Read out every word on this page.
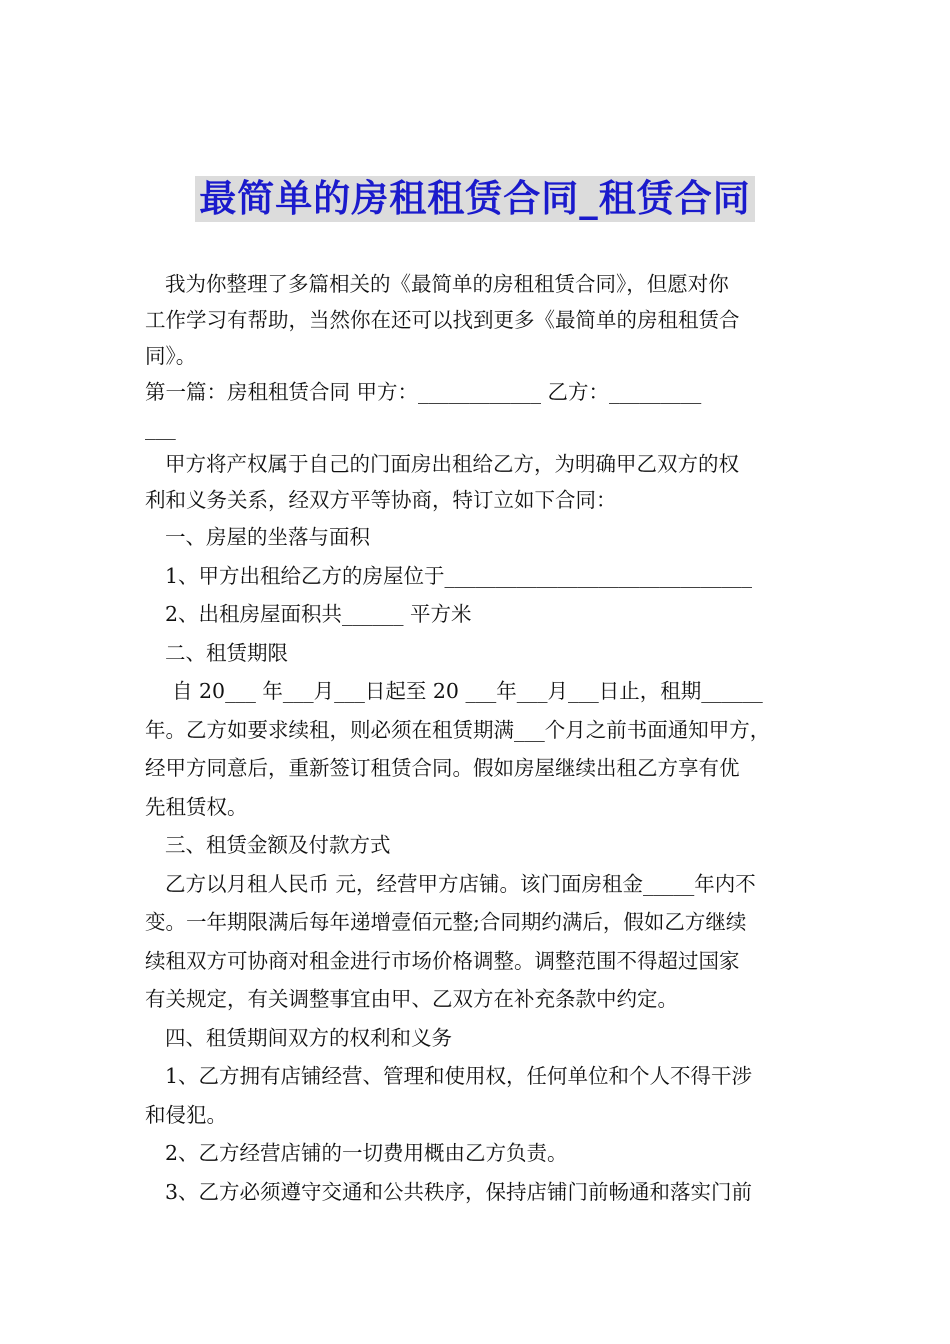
最简单的房租租赁合同_租赁合同

我为你整理了多篇相关的《最简单的房租租赁合同》，但愿对你

工作学习有帮助，当然你在还可以找到更多《最简单的房租租赁合

同》。

第一篇：房租租赁合同 甲方：____________ 乙方：_________

___

甲方将产权属于自己的门面房出租给乙方，为明确甲乙双方的权

利和义务关系，经双方平等协商，特订立如下合同：

一、房屋的坐落与面积

1、甲方出租给乙方的房屋位于______________________________

2、出租房屋面积共______ 平方米

二、租赁期限

自 20___ 年___月___日起至 20 ___年___月___日止，租期______

年。乙方如要求续租，则必须在租赁期满___个月之前书面通知甲方，

经甲方同意后，重新签订租赁合同。假如房屋继续出租乙方享有优

先租赁权。

三、租赁金额及付款方式

乙方以月租人民币 元，经营甲方店铺。该门面房租金_____年内不

变。一年期限满后每年递增壹佰元整;合同期约满后，假如乙方继续

续租双方可协商对租金进行市场价格调整。调整范围不得超过国家

有关规定，有关调整事宜由甲、乙双方在补充条款中约定。

四、租赁期间双方的权利和义务

1、乙方拥有店铺经营、管理和使用权，任何单位和个人不得干涉

和侵犯。

2、乙方经营店铺的一切费用概由乙方负责。

3、乙方必须遵守交通和公共秩序，保持店铺门前畅通和落实门前
